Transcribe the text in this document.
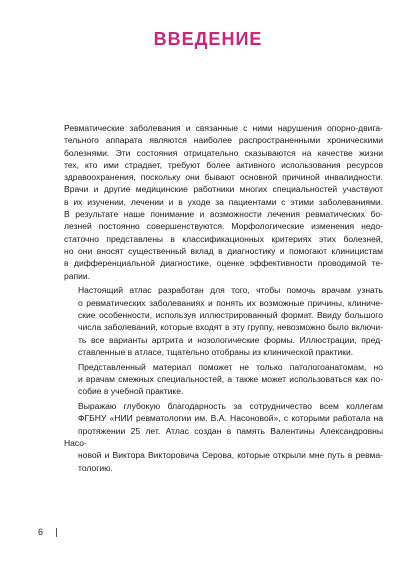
ВВЕДЕНИЕ

Ревматические заболевания и связанные с ними нарушения опорно-двига-
тельного аппарата являются наиболее распространенными хроническими
болезнями. Эти состояния отрицательно сказываются на качестве жизни
тех, кто ими страдает, требуют более активного использования ресурсов
здравоохранения, поскольку они бывают основной причиной инвалидности.
Врачи и другие медицинские работники многих специальностей участвуют
в их изучении, лечении и в уходе за пациентами с этими заболеваниями.
В результате наше понимание и возможности лечения ревматических бо-
лезней постоянно совершенствуются. Морфологические изменения недо-
статочно представлены в классификационных критериях этих болезней,
но они вносят существенный вклад в диагностику и помогают клиницистам
в дифференциальной диагностике, оценке эффективности проводимой те-
рапии.

Настоящий атлас разработан для того, чтобы помочь врачам узнать
о ревматических заболеваниях и понять их возможные причины, клиниче-
ские особенности, используя иллюстрированный формат. Ввиду большого
числа заболеваний, которые входят в эту группу, невозможно было включи-
ть все варианты артрита и нозологические формы. Иллюстрации, пред-
ставленные в атласе, тщательно отобраны из клинической практики.

Представленный материал поможет не только патологоанатомам, но
и врачам смежных специальностей, а также может использоваться как по-
собие в учебной практике.

Выражаю глубокую благодарность за сотрудничество всем коллегам
ФГБНУ «НИИ ревматологии им. В.А. Насоновой», с которыми работала на
протяжении 25 лет. Атлас создан в память Валентины Александровны Насо-
новой и Виктора Викторовича Серова, которые открыли мне путь в ревма-
тологию.

6
